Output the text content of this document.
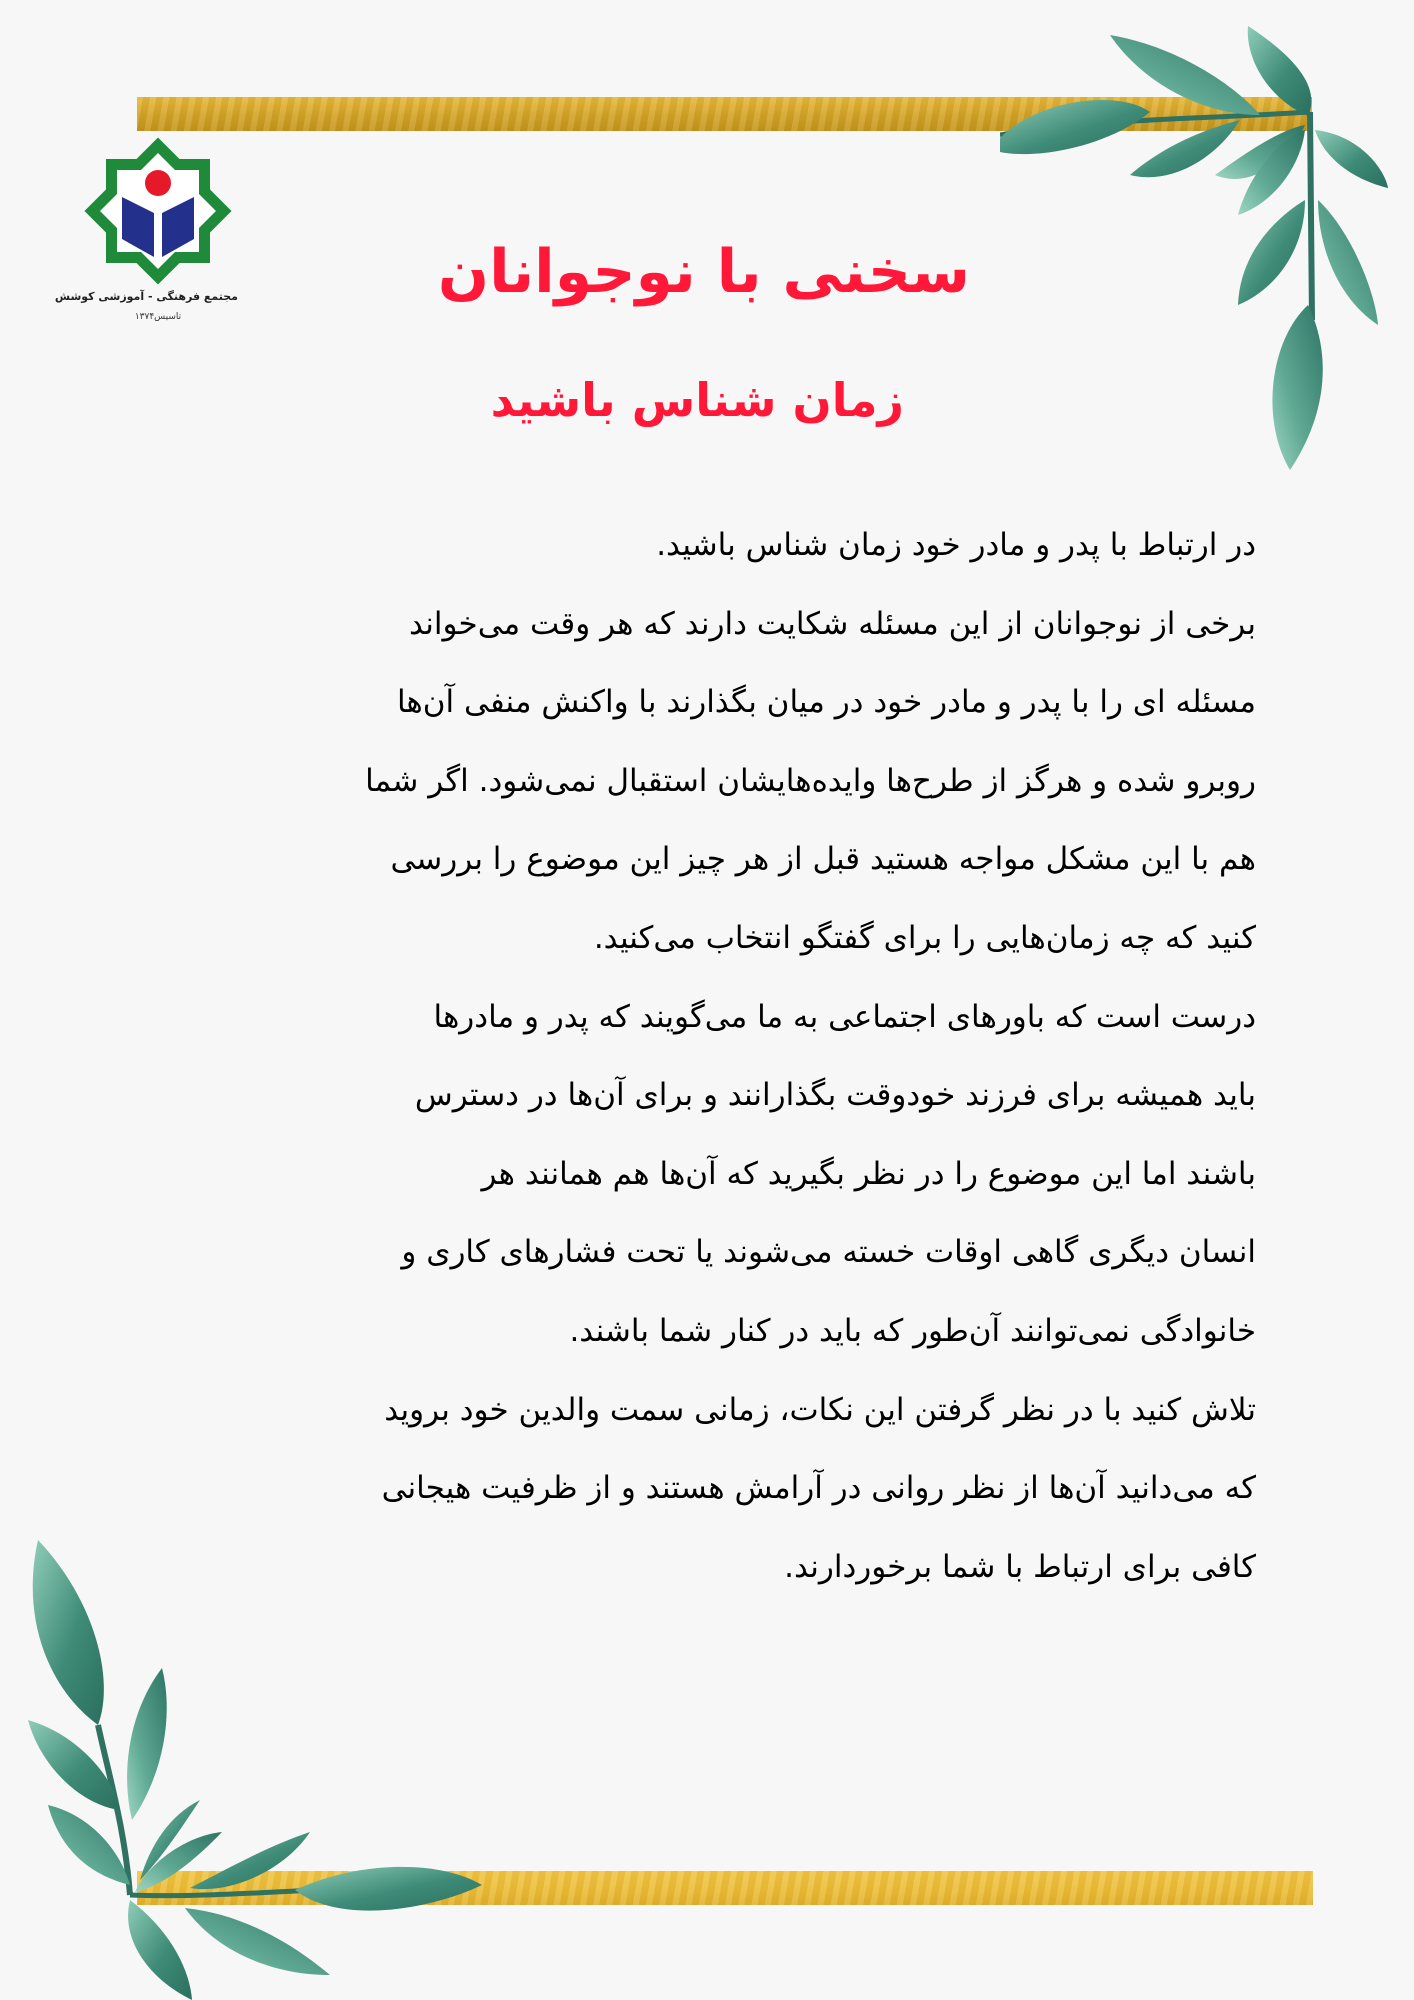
مجتمع فرهنگی - آموزشی کوشش
تاسیس۱۳۷۴
سخنی با نوجوانان
زمان شناس باشید
در ارتباط با پدر و مادر خود زمان شناس باشید.
برخی از نوجوانان از این مسئله شکایت دارند که هر وقت می‌خواند
مسئله ای را با پدر و مادر خود در میان بگذارند با واکنش منفی آن‌ها
روبرو شده و هرگز از طرح‌ها وایده‌هایشان استقبال نمی‌شود. اگر شما
هم با این مشکل مواجه هستید قبل از هر چیز این موضوع را بررسی
کنید که چه زمان‌هایی را برای گفتگو انتخاب می‌کنید.
درست است که باورهای اجتماعی به ما می‌گویند که پدر و مادرها
باید همیشه برای فرزند خودوقت بگذارانند و برای آن‌ها در دسترس
باشند اما این موضوع را در نظر بگیرید که آن‌ها هم همانند هر
انسان دیگری گاهی اوقات خسته می‌شوند یا تحت فشارهای کاری و
خانوادگی نمی‌توانند آن‌طور که باید در کنار شما باشند.
تلاش کنید با در نظر گرفتن این نکات، زمانی سمت والدین خود بروید
که می‌دانید آن‌ها از نظر روانی در آرامش هستند و از ظرفیت هیجانی
کافی برای ارتباط با شما برخوردارند.
